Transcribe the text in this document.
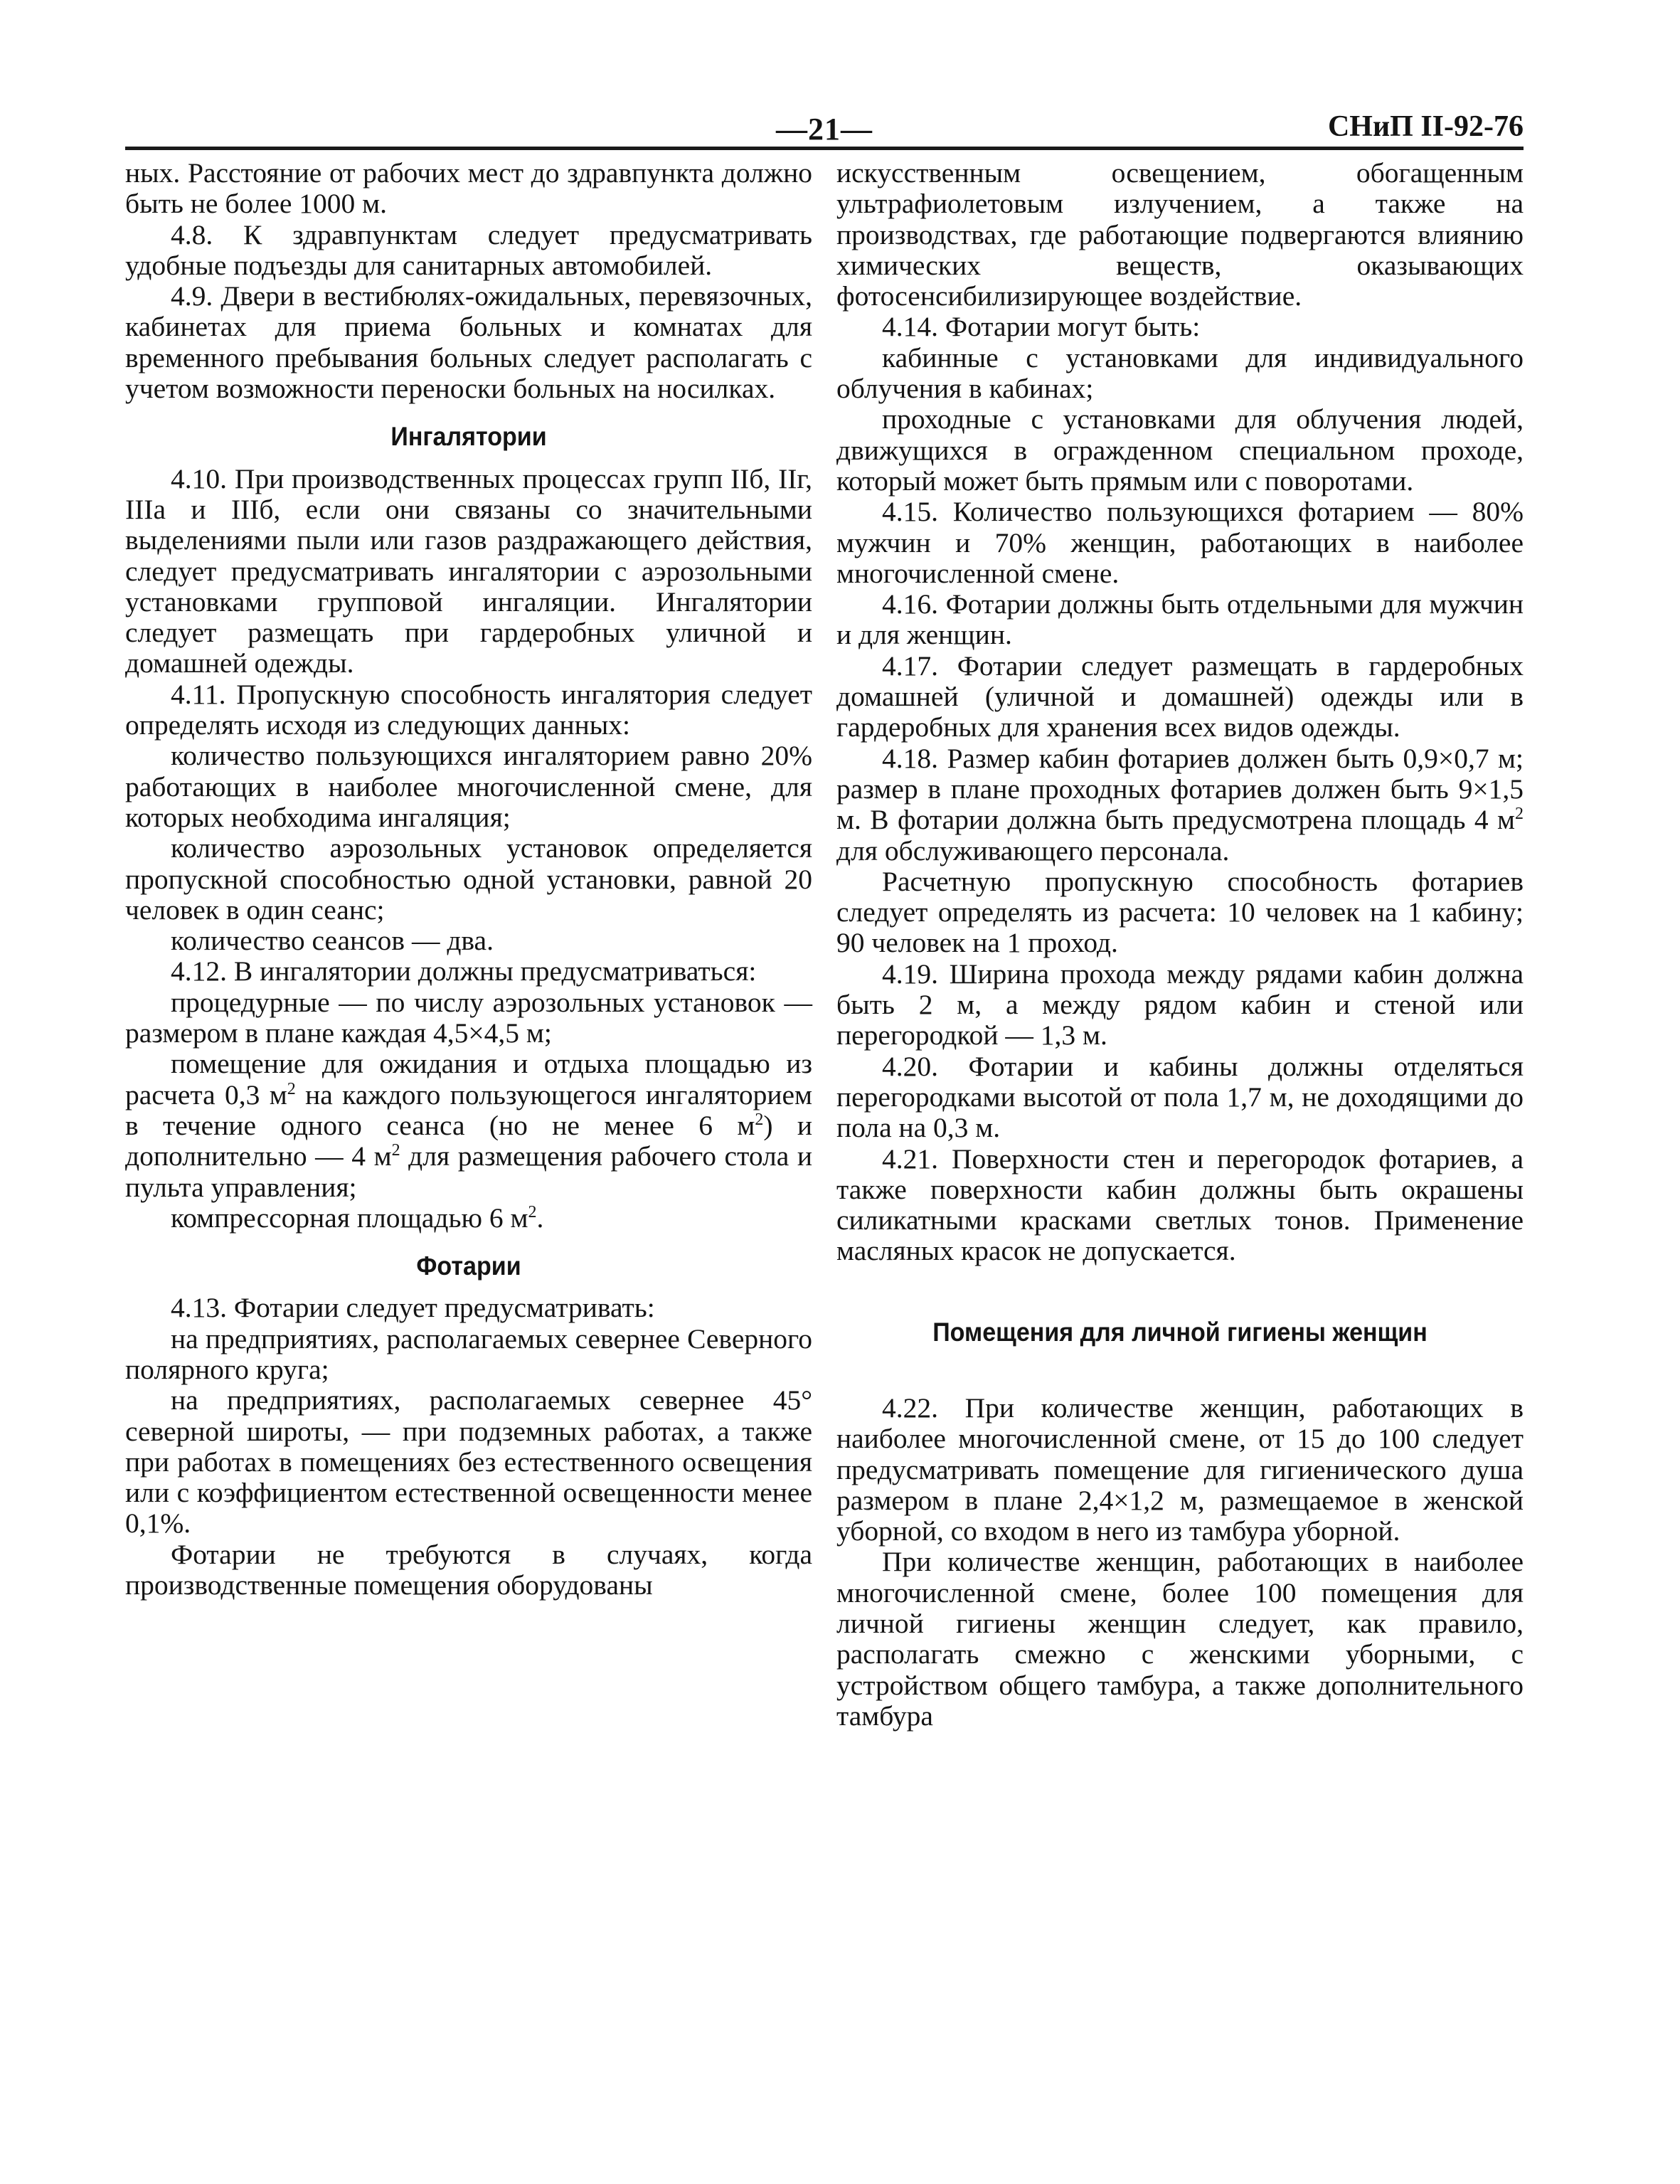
—21—	СНиП II-92-76

ных. Расстояние от рабочих мест до здравпункта должно быть не более 1000 м.

4.8. К здравпунктам следует предусматривать удобные подъезды для санитарных автомобилей.

4.9. Двери в вестибюлях-ожидальных, перевязочных, кабинетах для приема больных и комнатах для временного пребывания больных следует располагать с учетом возможности переноски больных на носилках.

Ингалятории

4.10. При производственных процессах групп IIб, IIг, IIIа и IIIб, если они связаны со значительными выделениями пыли или газов раздражающего действия, следует предусматривать ингалятории с аэрозольными установками групповой ингаляции. Ингалятории следует размещать при гардеробных уличной и домашней одежды.

4.11. Пропускную способность ингалятория следует определять исходя из следующих данных:

количество пользующихся ингаляторием равно 20% работающих в наиболее многочисленной смене, для которых необходима ингаляция;

количество аэрозольных установок определяется пропускной способностью одной установки, равной 20 человек в один сеанс;

количество сеансов — два.

4.12. В ингалятории должны предусматриваться:

процедурные — по числу аэрозольных установок — размером в плане каждая 4,5×4,5 м;

помещение для ожидания и отдыха площадью из расчета 0,3 $м^2$ на каждого пользующегося ингаляторием в течение одного сеанса (но не менее 6 $м^2$) и дополнительно — 4 $м^2$ для размещения рабочего стола и пульта управления;

компрессорная площадью 6 $м^2$.

Фотарии

4.13. Фотарии следует предусматривать:

на предприятиях, располагаемых севернее Северного полярного круга;

на предприятиях, располагаемых севернее 45° северной широты, — при подземных работах, а также при работах в помещениях без естественного освещения или с коэффициентом естественной освещенности менее 0,1%.

Фотарии не требуются в случаях, когда производственные помещения оборудованы

искусственным освещением, обогащенным ультрафиолетовым излучением, а также на производствах, где работающие подвергаются влиянию химических веществ, оказывающих фотосенсибилизирующее воздействие.

4.14. Фотарии могут быть:

кабинные с установками для индивидуального облучения в кабинах;

проходные с установками для облучения людей, движущихся в огражденном специальном проходе, который может быть прямым или с поворотами.

4.15. Количество пользующихся фотарием — 80% мужчин и 70% женщин, работающих в наиболее многочисленной смене.

4.16. Фотарии должны быть отдельными для мужчин и для женщин.

4.17. Фотарии следует размещать в гардеробных домашней (уличной и домашней) одежды или в гардеробных для хранения всех видов одежды.

4.18. Размер кабин фотариев должен быть 0,9×0,7 м; размер в плане проходных фотариев должен быть 9×1,5 м. В фотарии должна быть предусмотрена площадь 4 $м^2$ для обслуживающего персонала.

Расчетную пропускную способность фотариев следует определять из расчета: 10 человек на 1 кабину; 90 человек на 1 проход.

4.19. Ширина прохода между рядами кабин должна быть 2 м, а между рядом кабин и стеной или перегородкой — 1,3 м.

4.20. Фотарии и кабины должны отделяться перегородками высотой от пола 1,7 м, не доходящими до пола на 0,3 м.

4.21. Поверхности стен и перегородок фотариев, а также поверхности кабин должны быть окрашены силикатными красками светлых тонов. Применение масляных красок не допускается.

Помещения для личной гигиены женщин

4.22. При количестве женщин, работающих в наиболее многочисленной смене, от 15 до 100 следует предусматривать помещение для гигиенического душа размером в плане 2,4×1,2 м, размещаемое в женской уборной, со входом в него из тамбура уборной.

При количестве женщин, работающих в наиболее многочисленной смене, более 100 помещения для личной гигиены женщин следует, как правило, располагать смежно с женскими уборными, с устройством общего тамбура, а также дополнительного тамбура
